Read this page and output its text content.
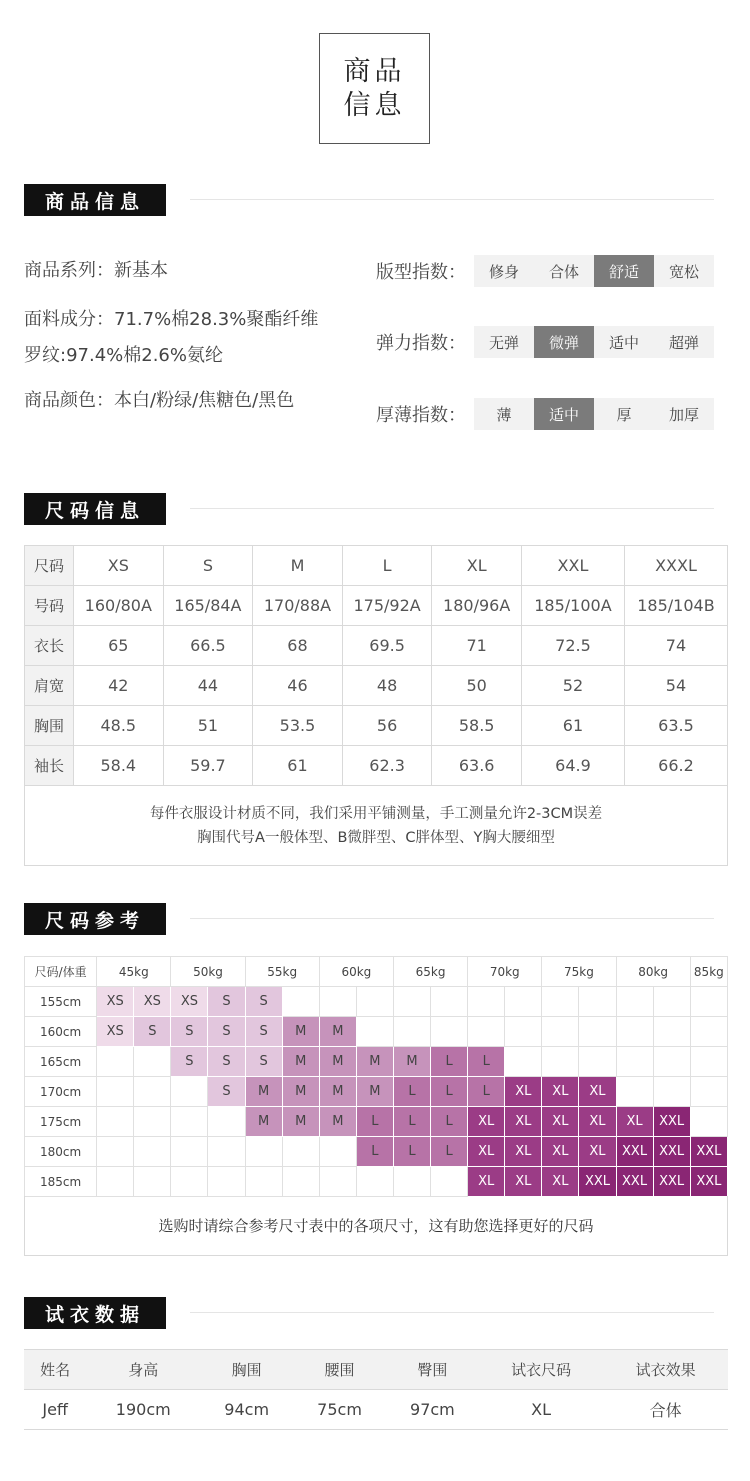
商品
信息
商品信息
商品系列：新基本
面料成分：71.7%棉28.3%聚酯纤维
罗纹:97.4%棉2.6%氨纶
商品颜色：本白/粉绿/焦糖色/黑色
版型指数：	修身	合体	舒适	宽松
弹力指数：	无弹	微弹	适中	超弹
厚薄指数：	薄	适中	厚	加厚
尺码信息
尺码	XS	S	M	L	XL	XXL	XXXL
号码	160/80A	165/84A	170/88A	175/92A	180/96A	185/100A	185/104B
衣长	65	66.5	68	69.5	71	72.5	74
肩宽	42	44	46	48	50	52	54
胸围	48.5	51	53.5	56	58.5	61	63.5
袖长	58.4	59.7	61	62.3	63.6	64.9	66.2
每件衣服设计材质不同，我们采用平铺测量，手工测量允许2-3CM误差
胸围代号A一般体型、B微胖型、C胖体型、Y胸大腰细型
尺码参考
尺码/体重	45kg		50kg		55kg		60kg		65kg		70kg		75kg		80kg		85kg
155cm	XS	XS	XS	S	S												
160cm	XS	S	S	S	S	M	M										
165cm			S	S	S	M	M	M	M	L	L						
170cm				S	M	M	M	M	L	L	L	XL	XL	XL			
175cm					M	M	M	L	L	L	XL	XL	XL	XL	XL	XXL	
180cm								L	L	L	XL	XL	XL	XL	XXL	XXL	XXL
185cm											XL	XL	XL	XXL	XXL	XXL	XXL
选购时请综合参考尺寸表中的各项尺寸，这有助您选择更好的尺码
试衣数据
姓名	身高	胸围	腰围	臀围	试衣尺码	试衣效果
Jeff	190cm	94cm	75cm	97cm	XL	合体
